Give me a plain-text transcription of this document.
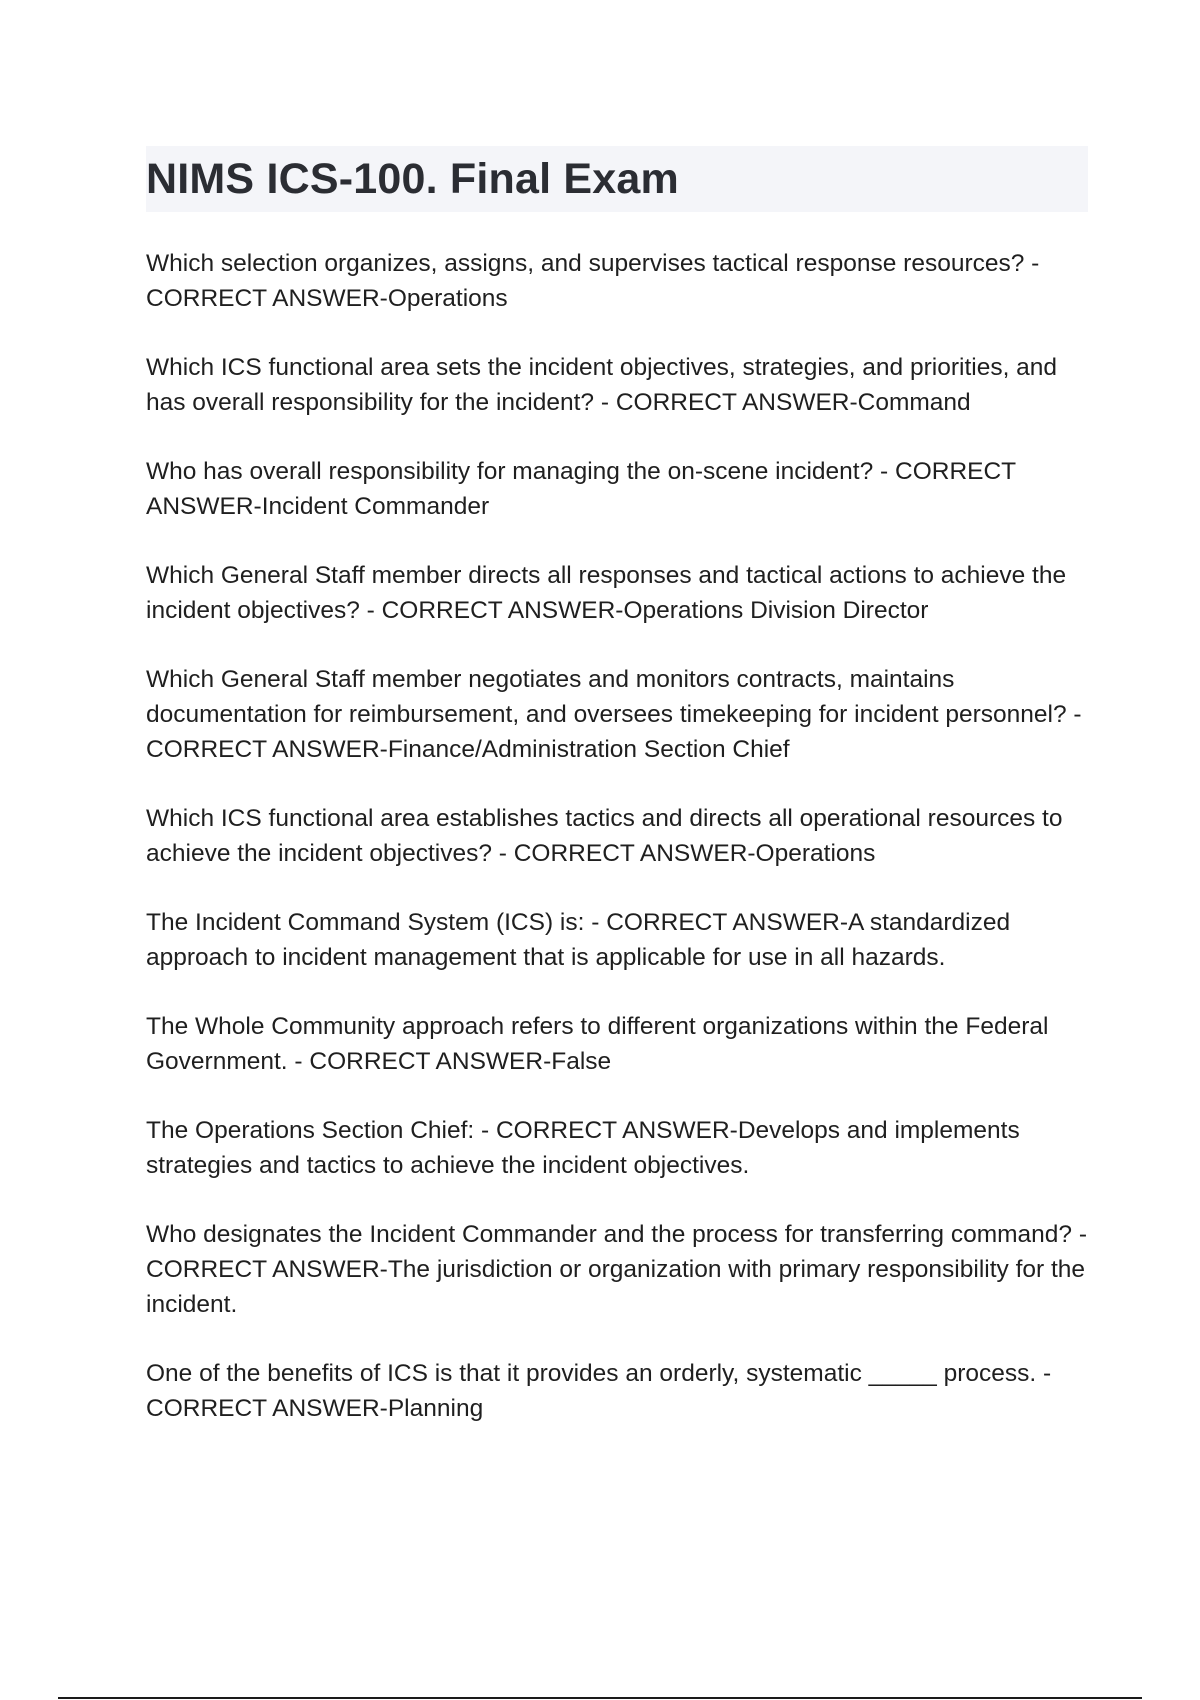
NIMS ICS-100. Final Exam

Which selection organizes, assigns, and supervises tactical response resources? - CORRECT ANSWER-Operations

Which ICS functional area sets the incident objectives, strategies, and priorities, and has overall responsibility for the incident? - CORRECT ANSWER-Command

Who has overall responsibility for managing the on-scene incident? - CORRECT ANSWER-Incident Commander

Which General Staff member directs all responses and tactical actions to achieve the incident objectives? - CORRECT ANSWER-Operations Division Director

Which General Staff member negotiates and monitors contracts, maintains documentation for reimbursement, and oversees timekeeping for incident personnel? - CORRECT ANSWER-Finance/Administration Section Chief

Which ICS functional area establishes tactics and directs all operational resources to achieve the incident objectives? - CORRECT ANSWER-Operations

The Incident Command System (ICS) is: - CORRECT ANSWER-A standardized approach to incident management that is applicable for use in all hazards.

The Whole Community approach refers to different organizations within the Federal Government. - CORRECT ANSWER-False

The Operations Section Chief: - CORRECT ANSWER-Develops and implements strategies and tactics to achieve the incident objectives.

Who designates the Incident Commander and the process for transferring command? - CORRECT ANSWER-The jurisdiction or organization with primary responsibility for the incident.

One of the benefits of ICS is that it provides an orderly, systematic _____ process. - CORRECT ANSWER-Planning
